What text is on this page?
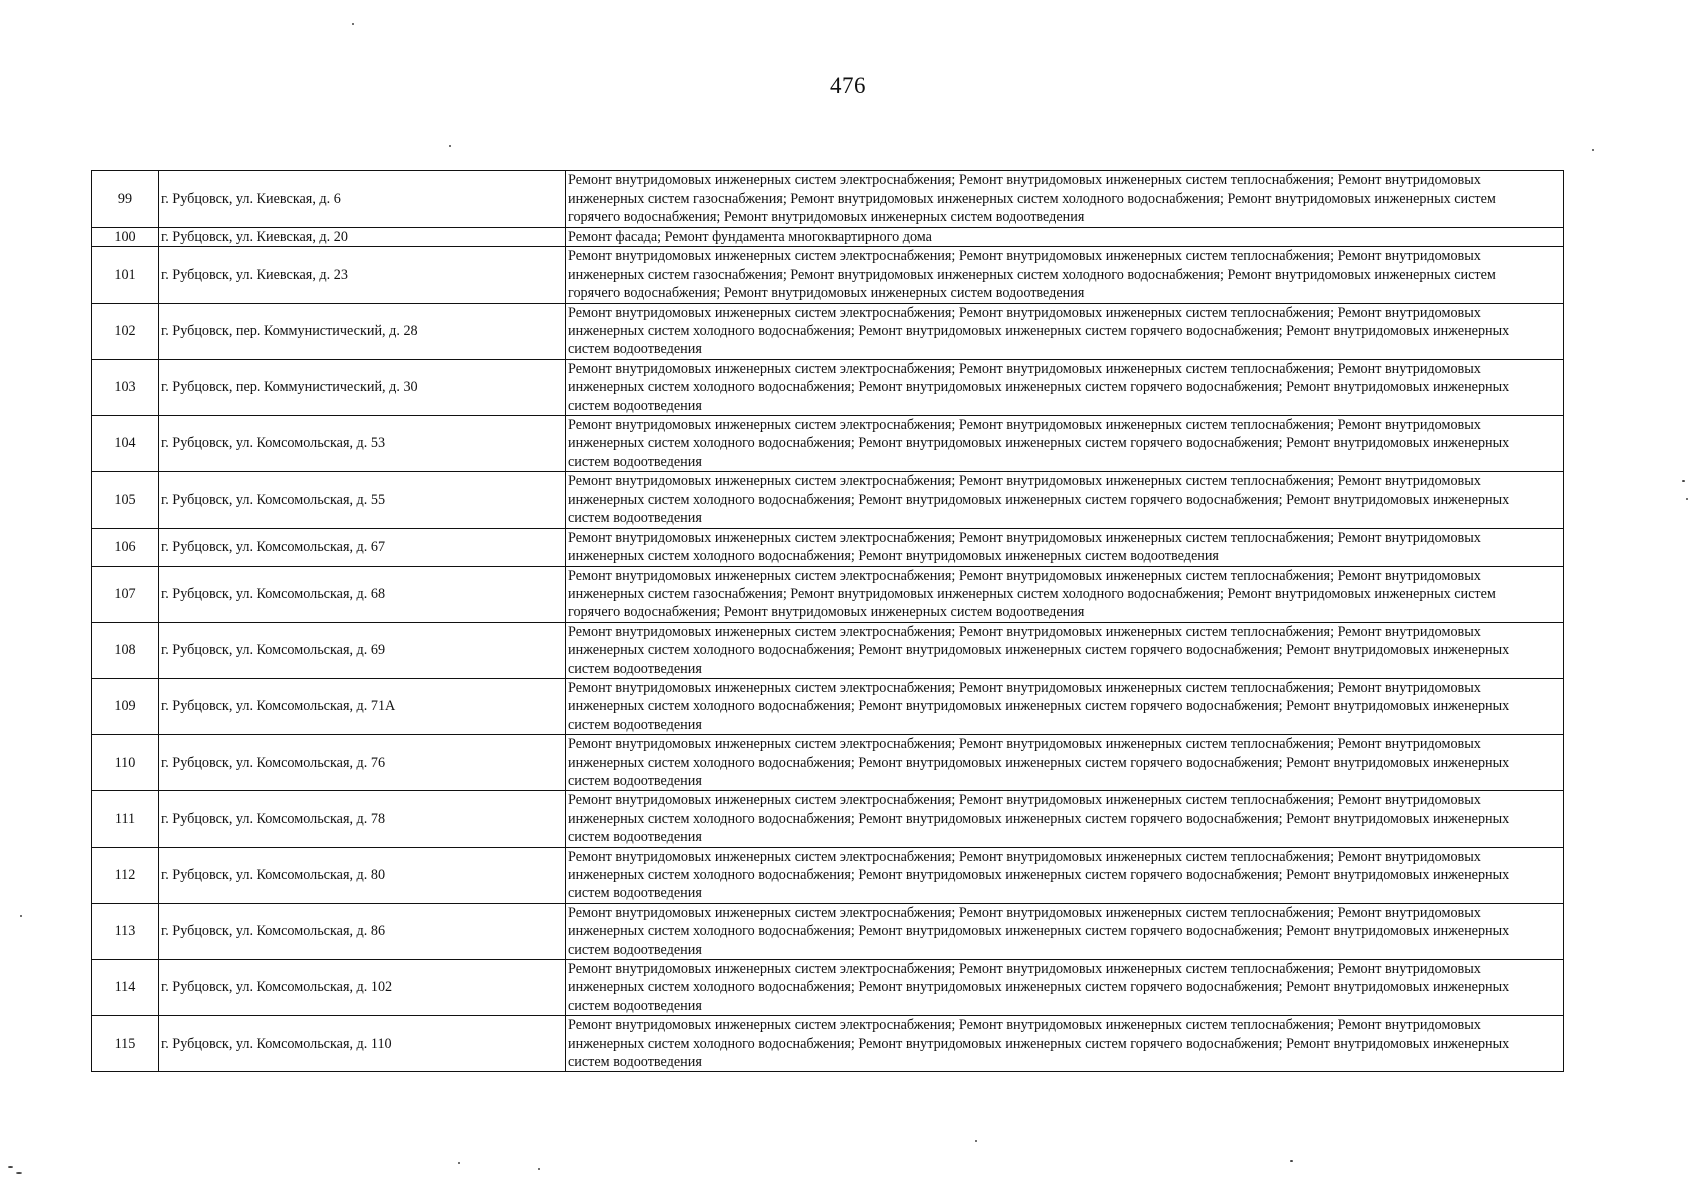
476
99	г. Рубцовск, ул. Киевская, д. 6	Ремонт внутридомовых инженерных систем электроснабжения; Ремонт внутридомовых инженерных систем теплоснабжения; Ремонт внутридомовых инженерных систем газоснабжения; Ремонт внутридомовых инженерных систем холодного водоснабжения; Ремонт внутридомовых инженерных систем горячего водоснабжения; Ремонт внутридомовых инженерных систем водоотведения

100	г. Рубцовск, ул. Киевская, д. 20	Ремонт фасада; Ремонт фундамента многоквартирного дома

101	г. Рубцовск, ул. Киевская, д. 23	Ремонт внутридомовых инженерных систем электроснабжения; Ремонт внутридомовых инженерных систем теплоснабжения; Ремонт внутридомовых инженерных систем газоснабжения; Ремонт внутридомовых инженерных систем холодного водоснабжения; Ремонт внутридомовых инженерных систем горячего водоснабжения; Ремонт внутридомовых инженерных систем водоотведения

102	г. Рубцовск, пер. Коммунистический, д. 28	Ремонт внутридомовых инженерных систем электроснабжения; Ремонт внутридомовых инженерных систем теплоснабжения; Ремонт внутридомовых инженерных систем холодного водоснабжения; Ремонт внутридомовых инженерных систем горячего водоснабжения; Ремонт внутридомовых инженерных систем водоотведения

103	г. Рубцовск, пер. Коммунистический, д. 30	Ремонт внутридомовых инженерных систем электроснабжения; Ремонт внутридомовых инженерных систем теплоснабжения; Ремонт внутридомовых инженерных систем холодного водоснабжения; Ремонт внутридомовых инженерных систем горячего водоснабжения; Ремонт внутридомовых инженерных систем водоотведения

104	г. Рубцовск, ул. Комсомольская, д. 53	Ремонт внутридомовых инженерных систем электроснабжения; Ремонт внутридомовых инженерных систем теплоснабжения; Ремонт внутридомовых инженерных систем холодного водоснабжения; Ремонт внутридомовых инженерных систем горячего водоснабжения; Ремонт внутридомовых инженерных систем водоотведения

105	г. Рубцовск, ул. Комсомольская, д. 55	Ремонт внутридомовых инженерных систем электроснабжения; Ремонт внутридомовых инженерных систем теплоснабжения; Ремонт внутридомовых инженерных систем холодного водоснабжения; Ремонт внутридомовых инженерных систем горячего водоснабжения; Ремонт внутридомовых инженерных систем водоотведения

106	г. Рубцовск, ул. Комсомольская, д. 67	Ремонт внутридомовых инженерных систем электроснабжения; Ремонт внутридомовых инженерных систем теплоснабжения; Ремонт внутридомовых инженерных систем холодного водоснабжения; Ремонт внутридомовых инженерных систем водоотведения

107	г. Рубцовск, ул. Комсомольская, д. 68	Ремонт внутридомовых инженерных систем электроснабжения; Ремонт внутридомовых инженерных систем теплоснабжения; Ремонт внутридомовых инженерных систем газоснабжения; Ремонт внутридомовых инженерных систем холодного водоснабжения; Ремонт внутридомовых инженерных систем горячего водоснабжения; Ремонт внутридомовых инженерных систем водоотведения

108	г. Рубцовск, ул. Комсомольская, д. 69	Ремонт внутридомовых инженерных систем электроснабжения; Ремонт внутридомовых инженерных систем теплоснабжения; Ремонт внутридомовых инженерных систем холодного водоснабжения; Ремонт внутридомовых инженерных систем горячего водоснабжения; Ремонт внутридомовых инженерных систем водоотведения

109	г. Рубцовск, ул. Комсомольская, д. 71А	Ремонт внутридомовых инженерных систем электроснабжения; Ремонт внутридомовых инженерных систем теплоснабжения; Ремонт внутридомовых инженерных систем холодного водоснабжения; Ремонт внутридомовых инженерных систем горячего водоснабжения; Ремонт внутридомовых инженерных систем водоотведения

110	г. Рубцовск, ул. Комсомольская, д. 76	Ремонт внутридомовых инженерных систем электроснабжения; Ремонт внутридомовых инженерных систем теплоснабжения; Ремонт внутридомовых инженерных систем холодного водоснабжения; Ремонт внутридомовых инженерных систем горячего водоснабжения; Ремонт внутридомовых инженерных систем водоотведения

111	г. Рубцовск, ул. Комсомольская, д. 78	Ремонт внутридомовых инженерных систем электроснабжения; Ремонт внутридомовых инженерных систем теплоснабжения; Ремонт внутридомовых инженерных систем холодного водоснабжения; Ремонт внутридомовых инженерных систем горячего водоснабжения; Ремонт внутридомовых инженерных систем водоотведения

112	г. Рубцовск, ул. Комсомольская, д. 80	Ремонт внутридомовых инженерных систем электроснабжения; Ремонт внутридомовых инженерных систем теплоснабжения; Ремонт внутридомовых инженерных систем холодного водоснабжения; Ремонт внутридомовых инженерных систем горячего водоснабжения; Ремонт внутридомовых инженерных систем водоотведения

113	г. Рубцовск, ул. Комсомольская, д. 86	Ремонт внутридомовых инженерных систем электроснабжения; Ремонт внутридомовых инженерных систем теплоснабжения; Ремонт внутридомовых инженерных систем холодного водоснабжения; Ремонт внутридомовых инженерных систем горячего водоснабжения; Ремонт внутридомовых инженерных систем водоотведения

114	г. Рубцовск, ул. Комсомольская, д. 102	Ремонт внутридомовых инженерных систем электроснабжения; Ремонт внутридомовых инженерных систем теплоснабжения; Ремонт внутридомовых инженерных систем холодного водоснабжения; Ремонт внутридомовых инженерных систем горячего водоснабжения; Ремонт внутридомовых инженерных систем водоотведения

115	г. Рубцовск, ул. Комсомольская, д. 110	Ремонт внутридомовых инженерных систем электроснабжения; Ремонт внутридомовых инженерных систем теплоснабжения; Ремонт внутридомовых инженерных систем холодного водоснабжения; Ремонт внутридомовых инженерных систем горячего водоснабжения; Ремонт внутридомовых инженерных систем водоотведения
